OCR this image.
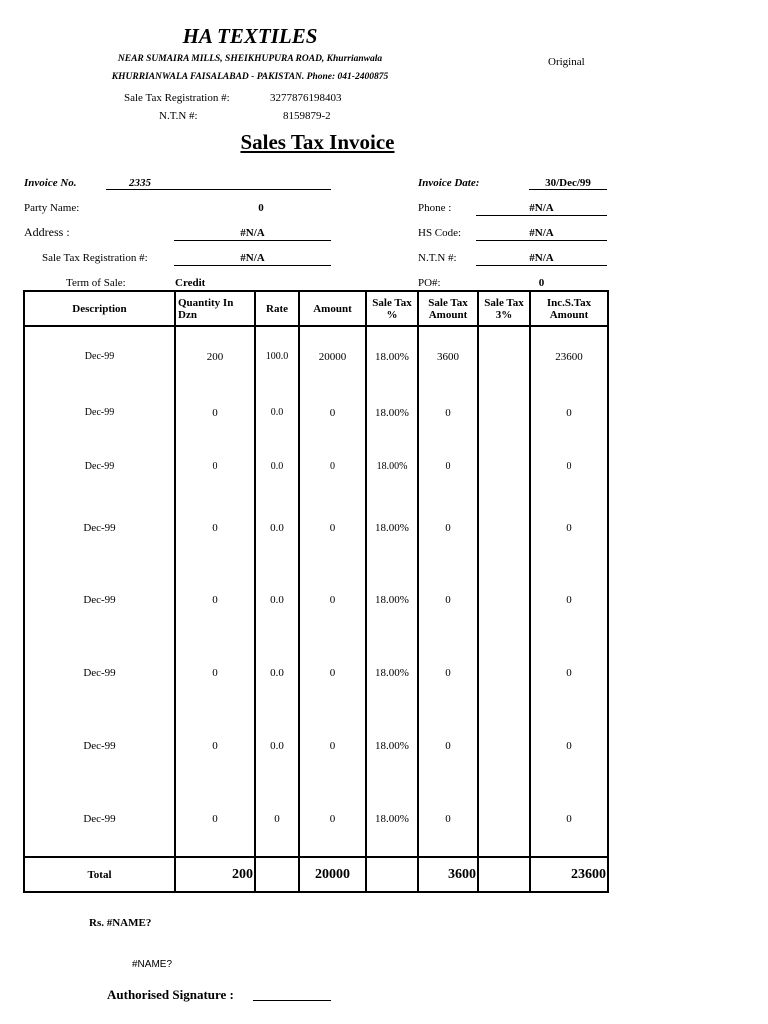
HA TEXTILES
NEAR SUMAIRA MILLS, SHEIKHUPURA ROAD, Khurrianwala
KHURRIANWALA FAISALABAD - PAKISTAN. Phone: 041-2400875
Original
Sale Tax Registration #:	3277876198403
N.T.N #:	8159879-2
Sales Tax Invoice
Invoice No.	2335	Invoice Date:	30/Dec/99
Party Name:	0	Phone :	#N/A
Address :	#N/A	HS Code:	#N/A
Sale Tax Registration #:	#N/A	N.T.N #:	#N/A
Term of Sale:	Credit	PO#:	0
Description	Quantity In Dzn	Rate	Amount	Sale Tax %	Sale Tax Amount	Sale Tax 3%	Inc.S.Tax Amount
Dec-99	200	100.0	20000	18.00%	3600		23600
Dec-99	0	0.0	0	18.00%	0		0
Dec-99	0	0.0	0	18.00%	0		0
Dec-99	0	0.0	0	18.00%	0		0
Dec-99	0	0.0	0	18.00%	0		0
Dec-99	0	0.0	0	18.00%	0		0
Dec-99	0	0.0	0	18.00%	0		0
Dec-99	0	0	0	18.00%	0		0
Total	200		20000		3600		23600
Rs. #NAME?
#NAME?
Authorised Signature :
